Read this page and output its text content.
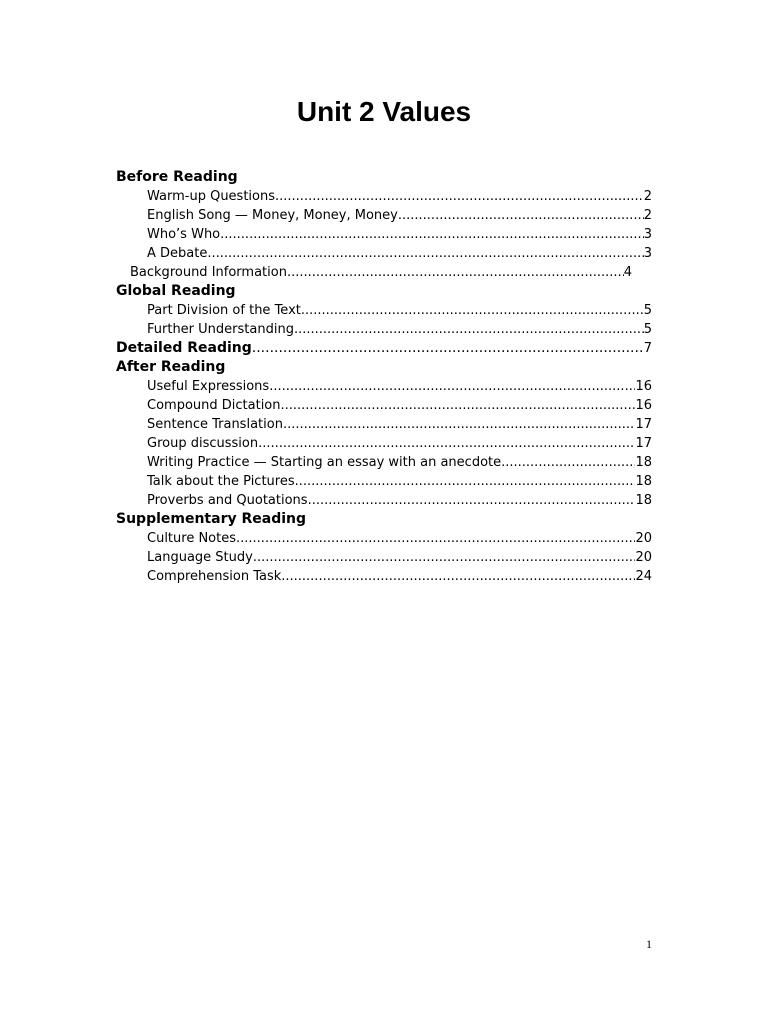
Unit 2 Values
Before Reading
Warm-up Questions .....	2
English Song — Money, Money, Money .....	2
Who’s Who .....	3
A Debate .....	3
Background Information .....	4
Global Reading
Part Division of the Text .....	5
Further Understanding .....	5
Detailed Reading .....	7
After Reading
Useful Expressions .....	16
Compound Dictation .....	16
Sentence Translation .....	17
Group discussion .....	17
Writing Practice — Starting an essay with an anecdote .....	18
Talk about the Pictures .....	18
Proverbs and Quotations .....	18
Supplementary Reading
Culture Notes .....	20
Language Study .....	20
Comprehension Task .....	24
1
